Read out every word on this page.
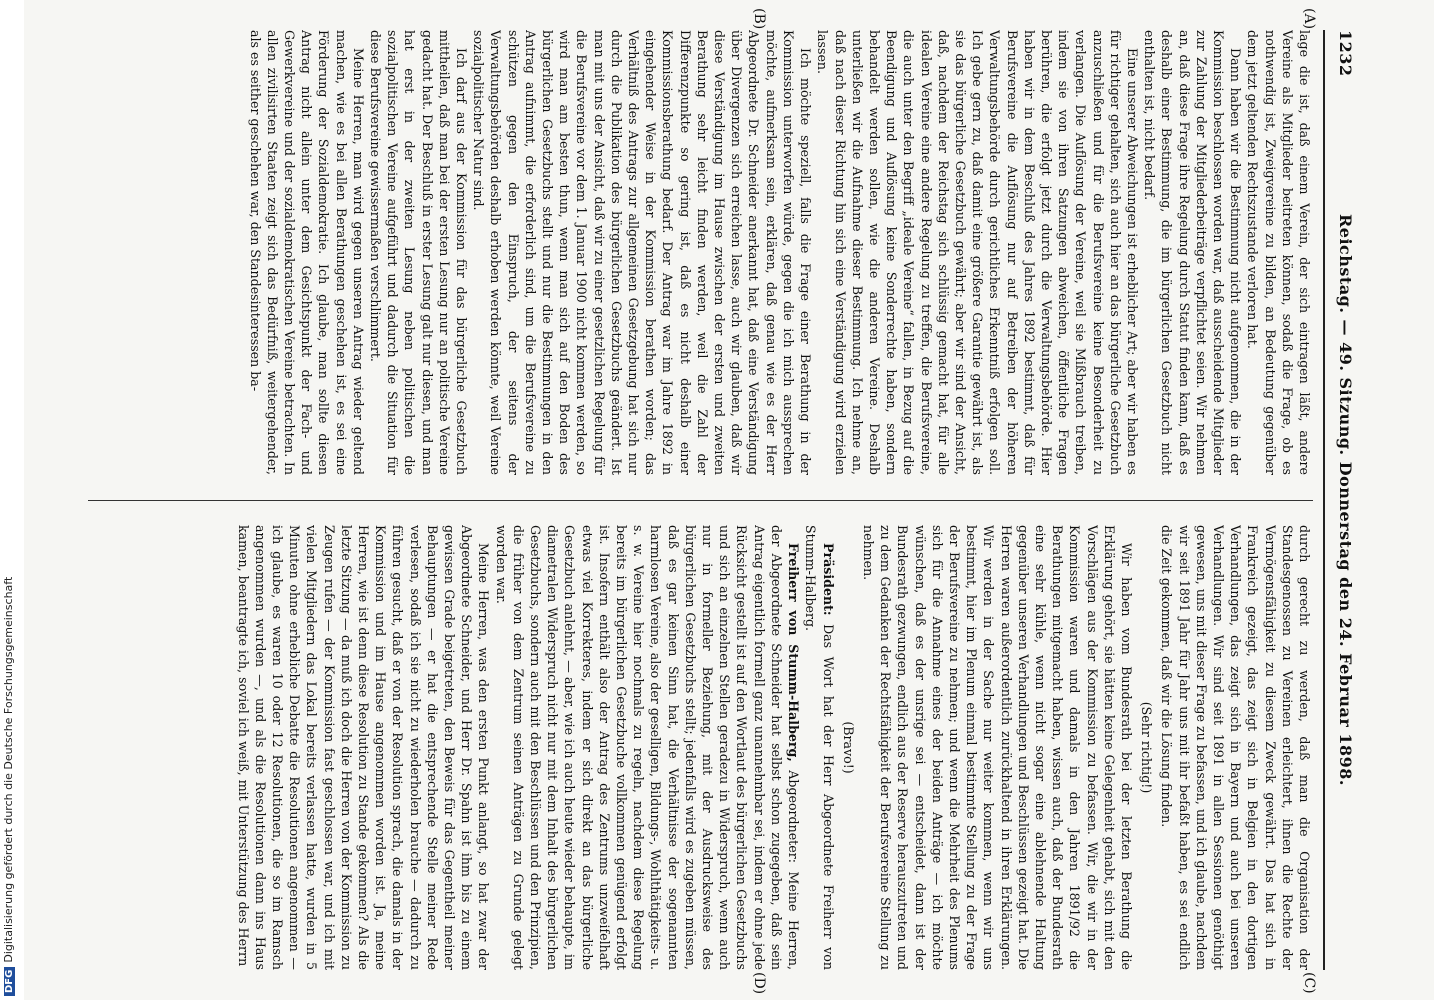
1232
Reichstag. — 49. Sitzung. Donnerstag den 24. Februar 1898.
(A)
(B)
(C)
(D)

lage die ist, daß einem Verein, der sich eintragen läßt, andere Vereine als Mitglieder beitreten können, sodaß die Frage, ob es nothwendig ist, Zweigvereine zu bilden, an Bedeutung gegenüber dem jetzt geltenden Rechtszustande verloren hat.

Dann haben wir die Bestimmung nicht aufgenommen, die in der Kommission beschlossen worden war, daß ausscheidende Mitglieder zur Zahlung der Mitgliederbeiträge verpflichtet seien. Wir nehmen an, daß diese Frage ihre Regelung durch Statut finden kann, daß es deshalb einer Bestimmung, die im bürgerlichen Gesetzbuch nicht enthalten ist, nicht bedarf.

Eine unserer Abweichungen ist erheblicher Art; aber wir haben es für richtiger gehalten, sich auch hier an das bürgerliche Gesetzbuch anzuschließen und für die Berufsvereine keine Besonderheit zu verlangen. Die Auflösung der Vereine, weil sie Mißbrauch treiben, indem sie von ihren Satzungen abweichen, öffentliche Fragen berühren, die erfolgt jetzt durch die Verwaltungsbehörde. Hier haben wir in dem Beschluß des Jahres 1892 bestimmt, daß für Berufsvereine die Auflösung nur auf Betreiben der höheren Verwaltungsbehörde durch gerichtliches Erkenntniß erfolgen soll. Ich gebe gern zu, daß damit eine größere Garantie gewährt ist, als sie das bürgerliche Gesetzbuch gewährt; aber wir sind der Ansicht, daß, nachdem der Reichstag sich schlüssig gemacht hat, für alle idealen Vereine eine andere Regelung zu treffen, die Berufsvereine, die auch unter den Begriff „ideale Vereine“ fallen, in Bezug auf die Beendigung und Auflösung keine Sonderrechte haben, sondern behandelt werden sollen, wie die anderen Vereine. Deshalb unterließen wir die Aufnahme dieser Bestimmung. Ich nehme an, daß nach dieser Richtung hin sich eine Verständigung wird erzielen lassen.

Ich möchte speziell, falls die Frage einer Berathung in der Kommission unterworfen würde, gegen die ich mich aussprechen möchte, aufmerksam sein, erklären, daß genau wie es der Herr Abgeordnete Dr. Schneider anerkannt hat, daß eine Verständigung über Divergenzen sich erreichen lasse, auch wir glauben, daß wir diese Verständigung im Hause zwischen der ersten und zweiten Berathung sehr leicht finden werden, weil die Zahl der Differenzpunkte so gering ist, daß es nicht deshalb einer Kommissionsberathung bedarf. Der Antrag war im Jahre 1892 in eingehender Weise in der Kommission berathen worden; das Verhältniß des Antrags zur allgemeinen Gesetzgebung hat sich nur durch die Publikation des bürgerlichen Gesetzbuchs geändert. Ist man mit uns der Ansicht, daß wir zu einer gesetzlichen Regelung für die Berufsvereine vor dem 1. Januar 1900 nicht kommen werden, so wird man am besten thun, wenn man sich auf den Boden des bürgerlichen Gesetzbuchs stellt und nur die Bestimmungen in den Antrag aufnimmt, die erforderlich sind, um die Berufsvereine zu schützen gegen den Einspruch, der seitens der Verwaltungsbehörden deshalb erhoben werden könnte, weil Vereine sozialpolitischer Natur sind.

Ich darf aus der Kommission für das bürgerliche Gesetzbuch mittheilen, daß man bei der ersten Lesung nur an politische Vereine gedacht hat. Der Beschluß in erster Lesung galt nur diesen, und man hat erst in der zweiten Lesung neben politischen die sozialpolitischen Vereine aufgeführt und dadurch die Situation für diese Berufsvereine gewissermaßen verschlimmert.

Meine Herren, man wird gegen unseren Antrag wieder geltend machen, wie es bei allen Berathungen geschehen ist, es sei eine Förderung der Sozialdemokratie. Ich glaube, man sollte diesen Antrag nicht allein unter dem Gesichtspunkt der Fach- und Gewerkvereine und der sozialdemokratischen Vereine betrachten. In allen zivilisirten Staaten zeigt sich das Bedürfniß, weitergehender, als es seither geschehen war, den Standesinteressen ba-

durch gerecht zu werden, daß man die Organisation der Standesgenossen zu Vereinen erleichtert, ihnen die Rechte der Vermögensfähigkeit zu diesem Zweck gewährt. Das hat sich in Frankreich gezeigt, das zeigt sich in Belgien in den dortigen Verhandlungen, das zeigt sich in Bayern und auch bei unseren Verhandlungen. Wir sind seit 1891 in allen Sessionen genöthigt gewesen, uns mit dieser Frage zu befassen, und ich glaube, nachdem wir seit 1891 Jahr für Jahr uns mit ihr befaßt haben, es sei endlich die Zeit gekommen, daß wir die Lösung finden.

(Sehr richtig!)

Wir haben vom Bundesrath bei der letzten Berathung die Erklärung gehört, sie hätten keine Gelegenheit gehabt, sich mit den Vorschlägen aus der Kommission zu befassen. Wir, die wir in der Kommission waren und damals in den Jahren 1891/92 die Berathungen mitgemacht haben, wissen auch, daß der Bundesrath eine sehr kühle, wenn nicht sogar eine ablehnende Haltung gegenüber unseren Verhandlungen und Beschlüssen gezeigt hat. Die Herren waren außerordentlich zurückhaltend in ihren Erklärungen. Wir werden in der Sache nur weiter kommen, wenn wir uns bestimmt, hier im Plenum einmal bestimmte Stellung zu der Frage der Berufsvereine zu nehmen; und wenn die Mehrheit des Plenums sich für die Annahme eines der beiden Anträge — ich möchte wünschen, daß es der unsrige sei — entscheidet, dann ist der Bundesrath gezwungen, endlich aus der Reserve herauszutreten und zu dem Gedanken der Rechtsfähigkeit der Berufsvereine Stellung zu nehmen.

(Bravo!)

Präsident: Das Wort hat der Herr Abgeordnete Freiherr von Stumm-Halberg.

Freiherr von Stumm-Halberg, Abgeordneter: Meine Herren, der Abgeordnete Schneider hat selbst schon zugegeben, daß sein Antrag eigentlich formell ganz unannehmbar sei, indem er ohne jede Rücksicht gestellt ist auf den Wortlaut des bürgerlichen Gesetzbuchs und sich an einzelnen Stellen geradezu in Widerspruch, wenn auch nur in formeller Beziehung, mit der Ausdrucksweise des bürgerlichen Gesetzbuchs stellt; jedenfalls wird es zugeben müssen, daß es gar keinen Sinn hat, die Verhältnisse der sogenannten harmlosen Vereine, also der geselligen, Bildungs-, Wohlthätigkeits- u. s. w. Vereine hier nochmals zu regeln, nachdem diese Regelung bereits im bürgerlichen Gesetzbuche vollkommen genügend erfolgt ist. Insofern enthält also der Antrag des Zentrums unzweifelhaft etwas viel Korrekteres, indem er sich direkt an das bürgerliche Gesetzbuch anlehnt, — aber, wie ich auch heute wieder behaupte, im diametralen Widerspruch nicht nur mit dem Inhalt des bürgerlichen Gesetzbuchs, sondern auch mit den Beschlüssen und den Prinzipien, die früher von dem Zentrum seinen Anträgen zu Grunde gelegt worden war.

Meine Herren, was den ersten Punkt anlangt, so hat zwar der Abgeordnete Schneider, und Herr Dr. Spahn ist ihm bis zu einem gewissen Grade beigetreten, den Beweis für das Gegentheil meiner Behauptungen — er hat die entsprechende Stelle meiner Rede verlesen, sodaß ich sie nicht zu wiederholen brauche — dadurch zu führen gesucht, daß er von der Resolution sprach, die damals in der Kommission und im Hause angenommen worden ist. Ja, meine Herren, wie ist denn diese Resolution zu Stande gekommen? Als die letzte Sitzung — da muß ich doch die Herren von der Kommission zu Zeugen rufen — der Kommission fast geschlossen war, und ich mit vielen Mitgliedern das Lokal bereits verlassen hatte, wurden in 5 Minuten ohne erhebliche Debatte die Resolutionen angenommen — ich glaube, es waren 10 oder 12 Resolutionen, die so im Ramsch angenommen wurden —, und als die Resolutionen dann ins Haus kamen, beantragte ich, soviel ich weiß, mit Unterstützung des Herrn

DFGDigitalisierung gefördert durch die Deutsche Forschungsgemeinschaft
